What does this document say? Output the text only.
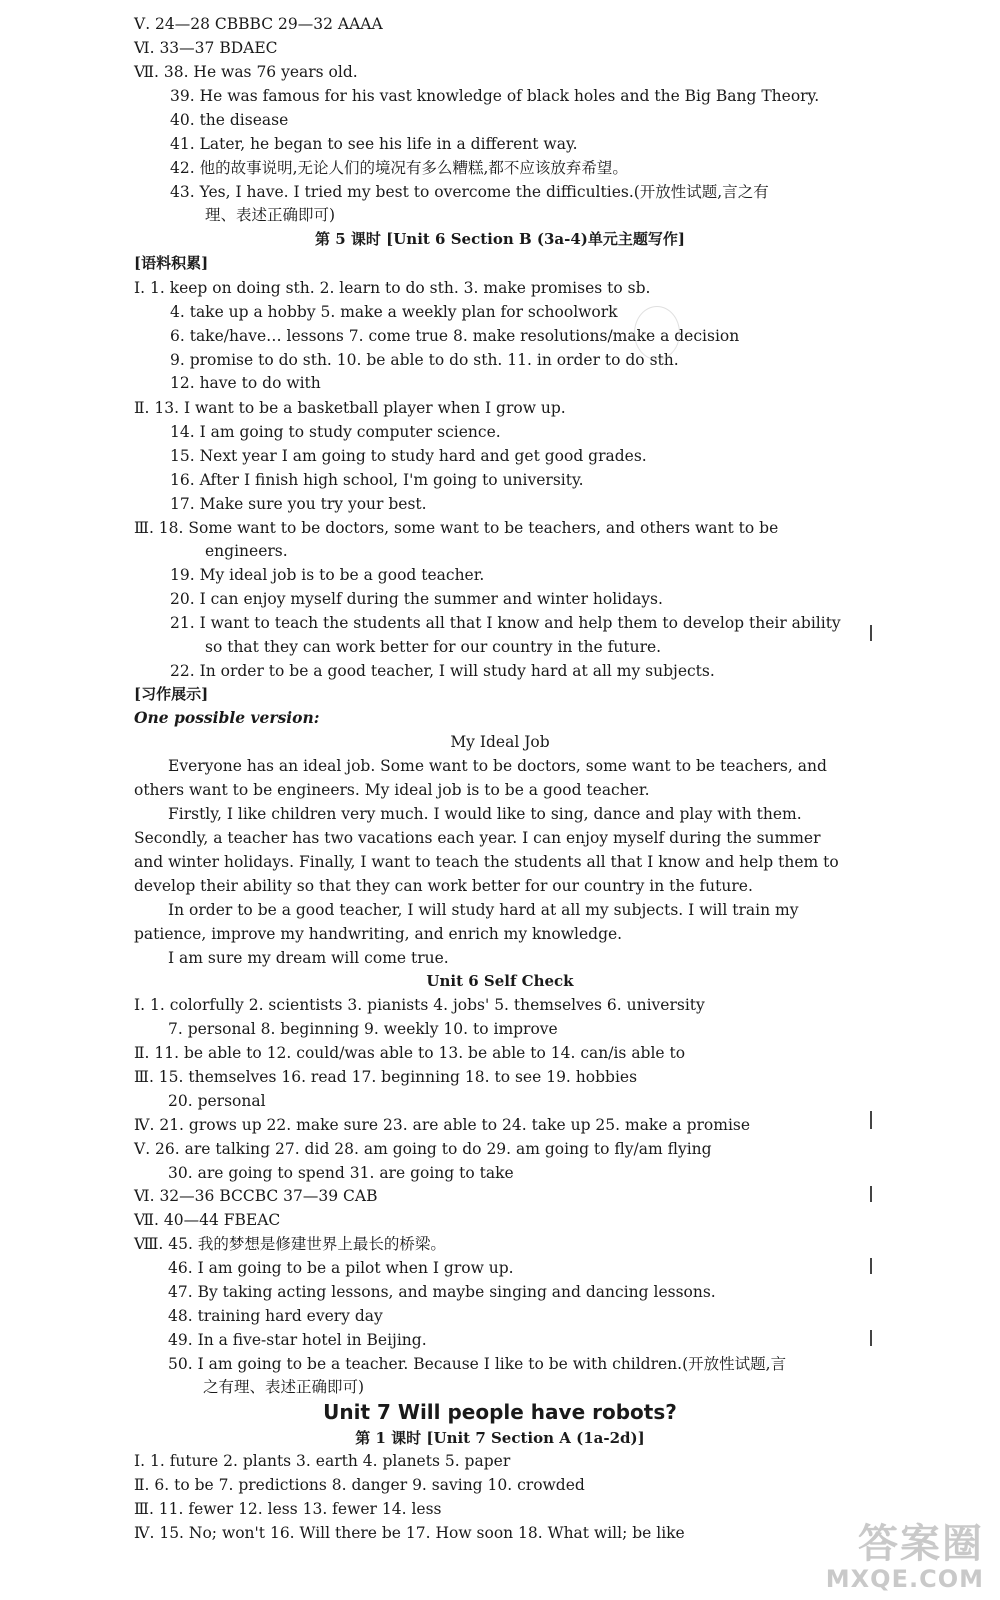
Ⅴ. 24—28 CBBBC 29—32 AAAA
Ⅵ. 33—37 BDAEC
Ⅶ. 38. He was 76 years old.
39. He was famous for his vast knowledge of black holes and the Big Bang Theory.
40. the disease
41. Later, he began to see his life in a different way.
42. 他的故事说明,无论人们的境况有多么糟糕,都不应该放弃希望。
43. Yes, I have. I tried my best to overcome the difficulties.(开放性试题,言之有
理、表述正确即可)
第 5 课时 [Unit 6 Section B (3a-4)单元主题写作]
[语料积累]
Ⅰ. 1. keep on doing sth. 2. learn to do sth. 3. make promises to sb.
4. take up a hobby 5. make a weekly plan for schoolwork
6. take/have… lessons 7. come true 8. make resolutions/make a decision
9. promise to do sth. 10. be able to do sth. 11. in order to do sth.
12. have to do with
Ⅱ. 13. I want to be a basketball player when I grow up.
14. I am going to study computer science.
15. Next year I am going to study hard and get good grades.
16. After I finish high school, I'm going to university.
17. Make sure you try your best.
Ⅲ. 18. Some want to be doctors, some want to be teachers, and others want to be
engineers.
19. My ideal job is to be a good teacher.
20. I can enjoy myself during the summer and winter holidays.
21. I want to teach the students all that I know and help them to develop their ability
so that they can work better for our country in the future.
22. In order to be a good teacher, I will study hard at all my subjects.
[习作展示]
One possible version:
My Ideal Job
Everyone has an ideal job. Some want to be doctors, some want to be teachers, and
others want to be engineers. My ideal job is to be a good teacher.
Firstly, I like children very much. I would like to sing, dance and play with them.
Secondly, a teacher has two vacations each year. I can enjoy myself during the summer
and winter holidays. Finally, I want to teach the students all that I know and help them to
develop their ability so that they can work better for our country in the future.
In order to be a good teacher, I will study hard at all my subjects. I will train my
patience, improve my handwriting, and enrich my knowledge.
I am sure my dream will come true.
Unit 6 Self Check
Ⅰ. 1. colorfully 2. scientists 3. pianists 4. jobs' 5. themselves 6. university
7. personal 8. beginning 9. weekly 10. to improve
Ⅱ. 11. be able to 12. could/was able to 13. be able to 14. can/is able to
Ⅲ. 15. themselves 16. read 17. beginning 18. to see 19. hobbies
20. personal
Ⅳ. 21. grows up 22. make sure 23. are able to 24. take up 25. make a promise
Ⅴ. 26. are talking 27. did 28. am going to do 29. am going to fly/am flying
30. are going to spend 31. are going to take
Ⅵ. 32—36 BCCBC 37—39 CAB
Ⅶ. 40—44 FBEAC
Ⅷ. 45. 我的梦想是修建世界上最长的桥梁。
46. I am going to be a pilot when I grow up.
47. By taking acting lessons, and maybe singing and dancing lessons.
48. training hard every day
49. In a five-star hotel in Beijing.
50. I am going to be a teacher. Because I like to be with children.(开放性试题,言
之有理、表述正确即可)
Unit 7 Will people have robots?
第 1 课时 [Unit 7 Section A (1a-2d)]
Ⅰ. 1. future 2. plants 3. earth 4. planets 5. paper
Ⅱ. 6. to be 7. predictions 8. danger 9. saving 10. crowded
Ⅲ. 11. fewer 12. less 13. fewer 14. less
Ⅳ. 15. No; won't 16. Will there be 17. How soon 18. What will; be like	答案圈
MXQE.COM
